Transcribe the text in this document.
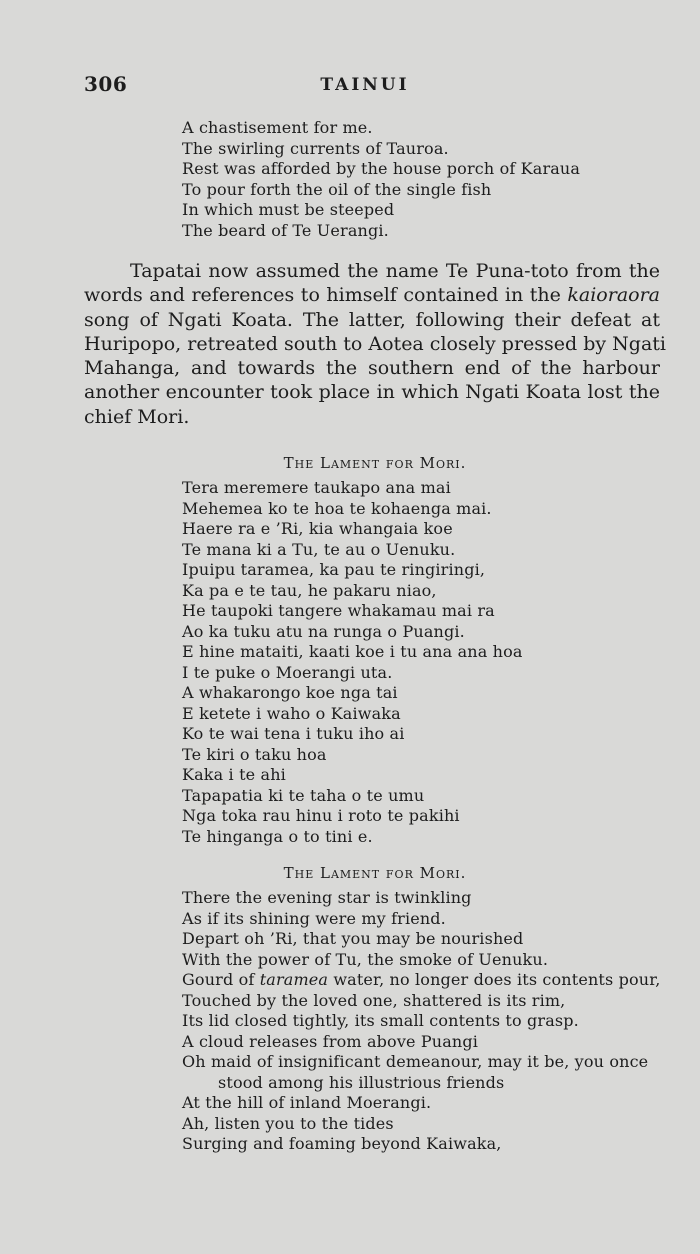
306	TAINUI
A chastisement for me.
The swirling currents of Tauroa.
Rest was afforded by the house porch of Karaua
To pour forth the oil of the single fish
In which must be steeped
The beard of Te Uerangi.
Tapatai now assumed the name Te Puna-toto from the
words and references to himself contained in the kaioraora
song of Ngati Koata. The latter, following their defeat at
Huripopo, retreated south to Aotea closely pressed by Ngati
Mahanga, and towards the southern end of the harbour
another encounter took place in which Ngati Koata lost the
chief Mori.
The Lament for Mori.
Tera meremere taukapo ana mai
Mehemea ko te hoa te kohaenga mai.
Haere ra e ’Ri, kia whangaia koe
Te mana ki a Tu, te au o Uenuku.
Ipuipu taramea, ka pau te ringiringi,
Ka pa e te tau, he pakaru niao,
He taupoki tangere whakamau mai ra
Ao ka tuku atu na runga o Puangi.
E hine mataiti, kaati koe i tu ana ana hoa
I te puke o Moerangi uta.
A whakarongo koe nga tai
E ketete i waho o Kaiwaka
Ko te wai tena i tuku iho ai
Te kiri o taku hoa
Kaka i te ahi
Tapapatia ki te taha o te umu
Nga toka rau hinu i roto te pakihi
Te hinganga o to tini e.
The Lament for Mori.
There the evening star is twinkling
As if its shining were my friend.
Depart oh ’Ri, that you may be nourished
With the power of Tu, the smoke of Uenuku.
Gourd of taramea water, no longer does its contents pour,
Touched by the loved one, shattered is its rim,
Its lid closed tightly, its small contents to grasp.
A cloud releases from above Puangi
Oh maid of insignificant demeanour, may it be, you once
stood among his illustrious friends
At the hill of inland Moerangi.
Ah, listen you to the tides
Surging and foaming beyond Kaiwaka,
